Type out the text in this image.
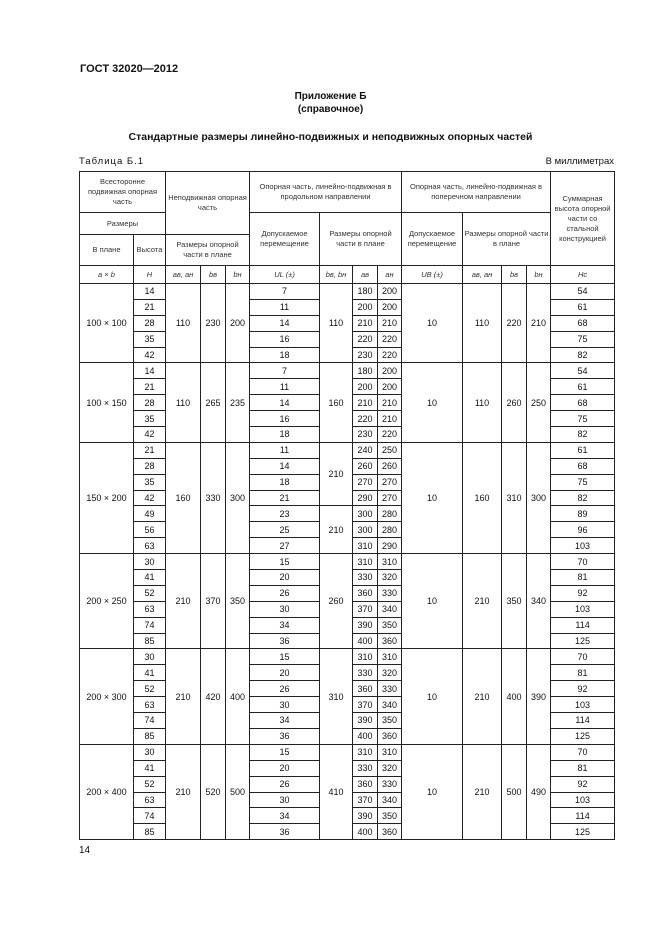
ГОСТ 32020—2012
Приложение Б
(справочное)
Стандартные размеры линейно-подвижных и неподвижных опорных частей
Таблица Б.1	В миллиметрах
Всесторонне подвижная опорная часть		Неподвижная опорная часть			Опорная часть, линейно-подвижная в продольном направлении				Опорная часть, линейно-подвижная в поперечном направлении				Суммарная высота опорной части со стальной конструкцией
Размеры					Допускаемое перемещение	Размеры опорной части в плане			Допускаемое перемещение	Размеры опорной части в плане			
В плане	Высота	Размеры опорной части в плане											

a × b	H	aв, aн	bв	bн	UL (±)	bв, bн	aв	aн	UB (±)	aв, aн	bв	bн	Hc
100 × 100	14	110	230	200	7	110	180	200	10	110	220	210	54
	21				11		200	200					61
	28				14		210	210					68
	35				16		220	220					75
	42				18		230	220					82
100 × 150	14	110	265	235	7	160	180	200	10	110	260	250	54
	21				11		200	200					61
	28				14		210	210					68
	35				16		220	210					75
	42				18		230	220					82
150 × 200	21	160	330	300	11	210	240	250	10	160	310	300	61
	28				14		260	260					68
	35				18		270	270					75
	42				21		290	270					82
	49				23	210	300	280					89
	56				25		300	280					96
	63				27		310	290					103
200 × 250	30	210	370	350	15	260	310	310	10	210	350	340	70
	41				20		330	320					81
	52				26		360	330					92
	63				30		370	340					103
	74				34		390	350					114
	85				36		400	360					125
200 × 300	30	210	420	400	15	310	310	310	10	210	400	390	70
	41				20		330	320					81
	52				26		360	330					92
	63				30		370	340					103
	74				34		390	350					114
	85				36		400	360					125
200 × 400	30	210	520	500	15	410	310	310	10	210	500	490	70
	41				20		330	320					81
	52				26		360	330					92
	63				30		370	340					103
	74				34		390	350					114
	85				36		400	360					125
14
